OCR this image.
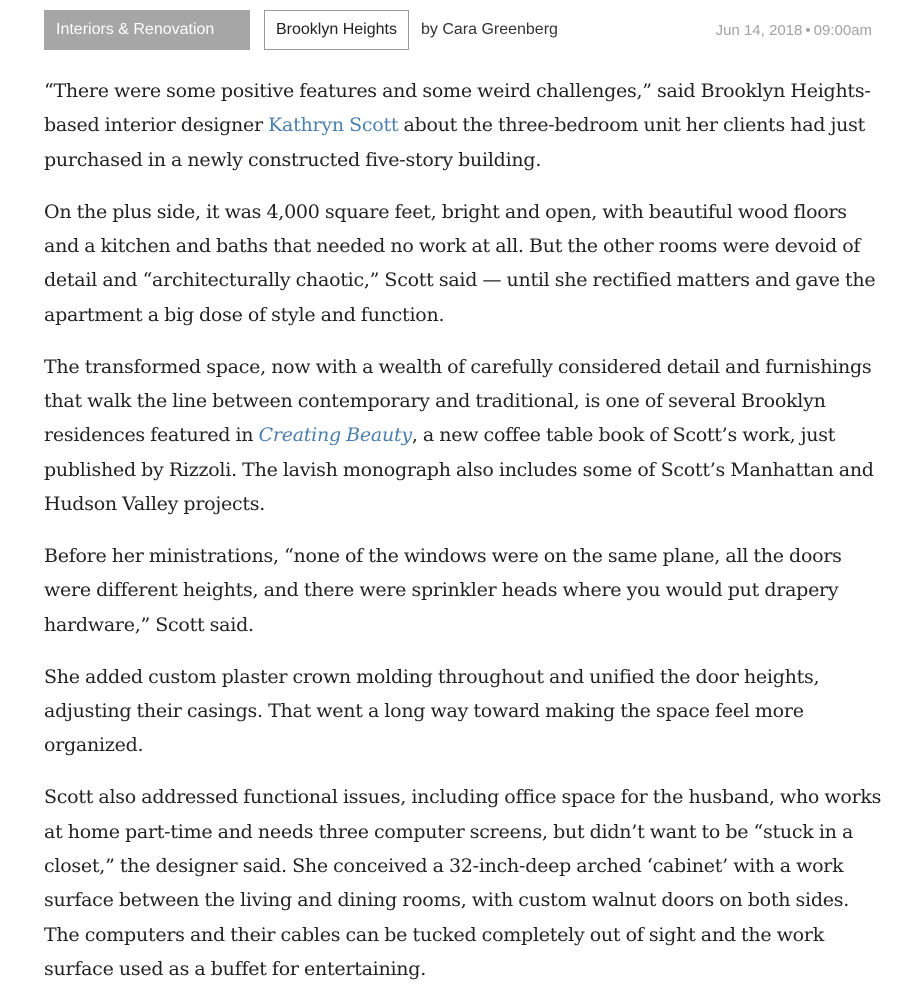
Interiors & Renovation	Brooklyn Heights	by Cara Greenberg	Jun 14, 2018 • 09:00am

“There were some positive features and some weird challenges,” said Brooklyn Heights-based interior designer Kathryn Scott about the three-bedroom unit her clients had just purchased in a newly constructed five-story building.

On the plus side, it was 4,000 square feet, bright and open, with beautiful wood floors and a kitchen and baths that needed no work at all. But the other rooms were devoid of detail and “architecturally chaotic,” Scott said — until she rectified matters and gave the apartment a big dose of style and function.

The transformed space, now with a wealth of carefully considered detail and furnishings that walk the line between contemporary and traditional, is one of several Brooklyn residences featured in Creating Beauty, a new coffee table book of Scott’s work, just published by Rizzoli. The lavish monograph also includes some of Scott’s Manhattan and Hudson Valley projects.

Before her ministrations, “none of the windows were on the same plane, all the doors were different heights, and there were sprinkler heads where you would put drapery hardware,” Scott said.

She added custom plaster crown molding throughout and unified the door heights, adjusting their casings. That went a long way toward making the space feel more organized.

Scott also addressed functional issues, including office space for the husband, who works at home part-time and needs three computer screens, but didn’t want to be “stuck in a closet,” the designer said. She conceived a 32-inch-deep arched ‘cabinet’ with a work surface between the living and dining rooms, with custom walnut doors on both sides. The computers and their cables can be tucked completely out of sight and the work surface used as a buffet for entertaining.
